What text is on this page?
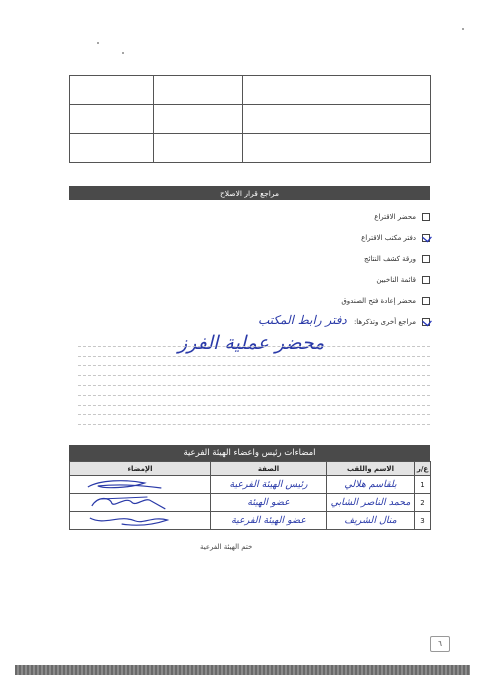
مراجع قرار الاصلاح
محضر الاقتراع
دفتر مكتب الاقتراع
ورقة كشف النتائج
قائمة الناخبين
محضر إعادة فتح الصندوق
مراجع أخرى وتذكرها:
دفتر رابط المكتب
محضر عملية الفرز
امضاءات رئيس واعضاء الهيئة الفرعية
ع/ر	الاسم واللقب	الصفة	الإمضاء
1	بلقاسم هلالي	رئيس الهيئة الفرعية	

2	محمد الناصر الشابي	عضو الهيئة	

3	منال الشريف	عضو الهيئة الفرعية	
ختم الهيئة الفرعية
٦
